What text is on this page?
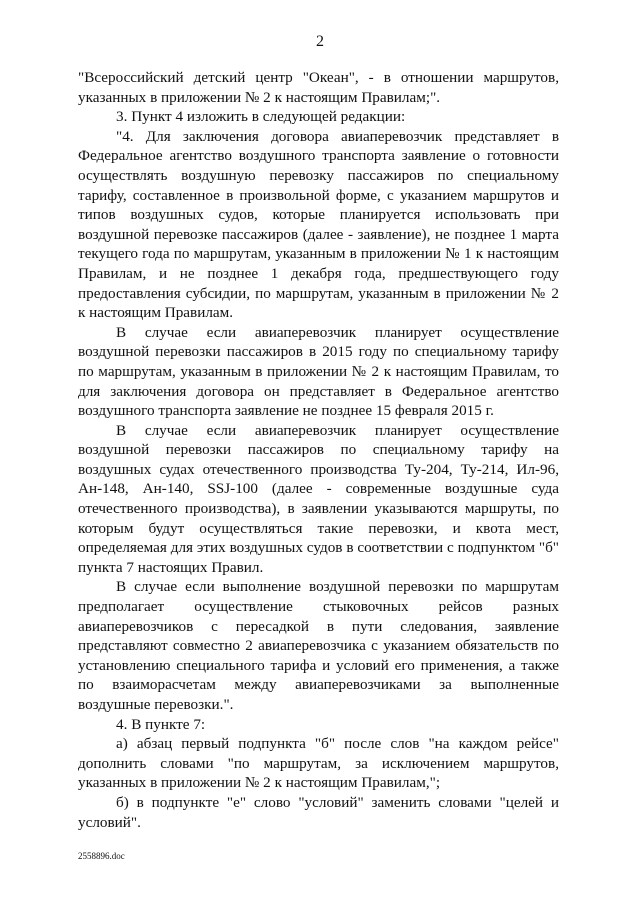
2

"Всероссийский детский центр "Океан", - в отношении маршрутов, указанных в приложении № 2 к настоящим Правилам;".

3. Пункт 4 изложить в следующей редакции:

"4. Для заключения договора авиаперевозчик представляет в Федеральное агентство воздушного транспорта заявление о готовности осуществлять воздушную перевозку пассажиров по специальному тарифу, составленное в произвольной форме, с указанием маршрутов и типов воздушных судов, которые планируется использовать при воздушной перевозке пассажиров (далее - заявление), не позднее 1 марта текущего года по маршрутам, указанным в приложении № 1 к настоящим Правилам, и не позднее 1 декабря года, предшествующего году предоставления субсидии, по маршрутам, указанным в приложении № 2 к настоящим Правилам.

В случае если авиаперевозчик планирует осуществление воздушной перевозки пассажиров в 2015 году по специальному тарифу по маршрутам, указанным в приложении № 2 к настоящим Правилам, то для заключения договора он представляет в Федеральное агентство воздушного транспорта заявление не позднее 15 февраля 2015 г.

В случае если авиаперевозчик планирует осуществление воздушной перевозки пассажиров по специальному тарифу на воздушных судах отечественного производства Ту-204, Ту-214, Ил-96, Ан-148, Ан-140, SSJ-100 (далее - современные воздушные суда отечественного производства), в заявлении указываются маршруты, по которым будут осуществляться такие перевозки, и квота мест, определяемая для этих воздушных судов в соответствии с подпунктом "б" пункта 7 настоящих Правил.

В случае если выполнение воздушной перевозки по маршрутам предполагает осуществление стыковочных рейсов разных авиаперевозчиков с пересадкой в пути следования, заявление представляют совместно 2 авиаперевозчика с указанием обязательств по установлению специального тарифа и условий его применения, а также по взаиморасчетам между авиаперевозчиками за выполненные воздушные перевозки.".

4. В пункте 7:

а) абзац первый подпункта "б" после слов "на каждом рейсе" дополнить словами "по маршрутам, за исключением маршрутов, указанных в приложении № 2 к настоящим Правилам,";

б) в подпункте "е" слово "условий" заменить словами "целей и условий".

2558896.doc
